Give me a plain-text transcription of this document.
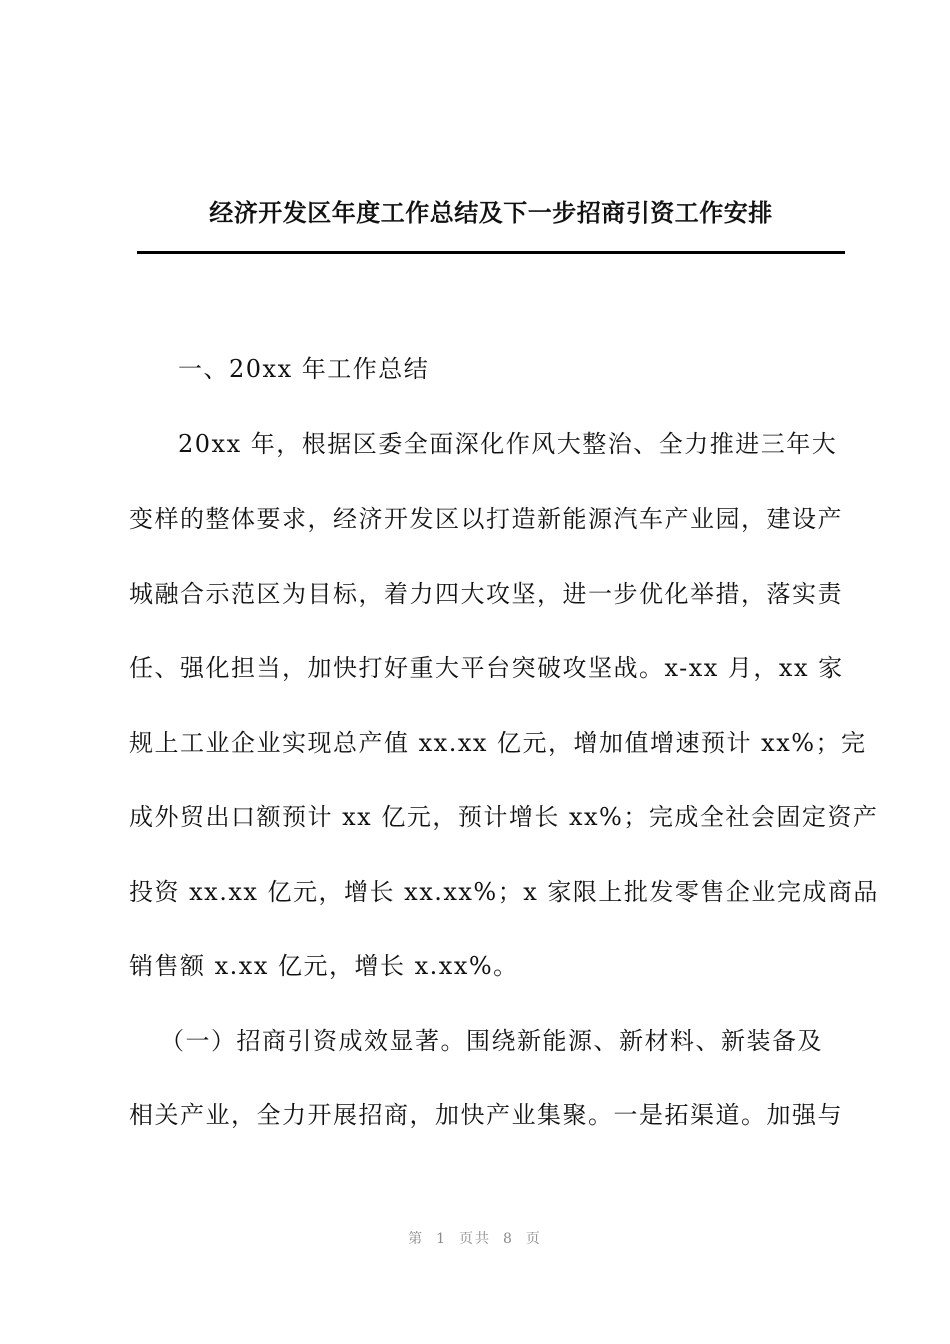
经济开发区年度工作总结及下一步招商引资工作安排

一、20xx 年工作总结

20xx 年，根据区委全面深化作风大整治、全力推进三年大

变样的整体要求，经济开发区以打造新能源汽车产业园，建设产

城融合示范区为目标，着力四大攻坚，进一步优化举措，落实责

任、强化担当，加快打好重大平台突破攻坚战。x-xx 月，xx 家

规上工业企业实现总产值 xx.xx 亿元，增加值增速预计 xx%；完

成外贸出口额预计 xx 亿元，预计增长 xx%；完成全社会固定资产

投资 xx.xx 亿元，增长 xx.xx%；x 家限上批发零售企业完成商品

销售额 x.xx 亿元，增长 x.xx%。

（一）招商引资成效显著。围绕新能源、新材料、新装备及

相关产业，全力开展招商，加快产业集聚。一是拓渠道。加强与

第 1 页共 8 页
